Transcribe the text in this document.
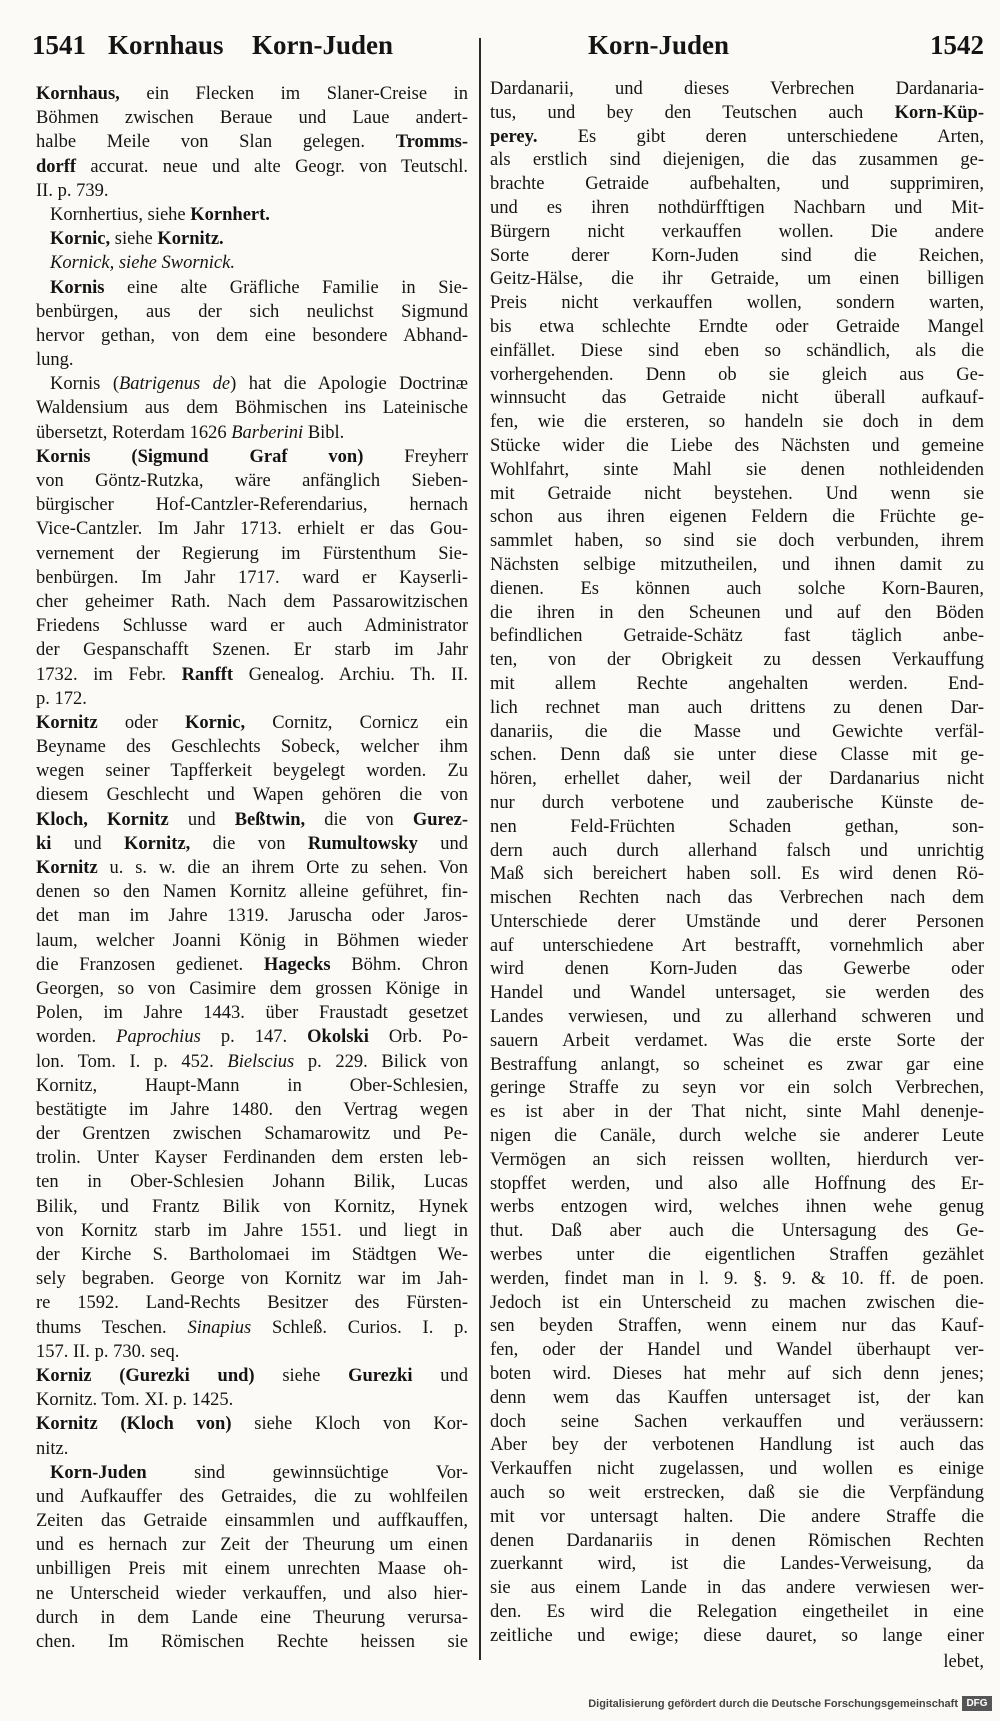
1541 Kornhaus Korn-Juden	Korn-Juden	1542
Kornhaus, ein Flecken im Slaner-Creise in
Böhmen zwischen Beraue und Laue andert-
halbe Meile von Slan gelegen. Tromms-
dorff accurat. neue und alte Geogr. von Teutschl.
II. p. 739.
Kornhertius, siehe Kornhert.
Kornic, siehe Kornitz.
Kornick, siehe Swornick.
Kornis eine alte Gräfliche Familie in Sie-
benbürgen, aus der sich neulichst Sigmund
hervor gethan, von dem eine besondere Abhand-
lung.
Kornis (Batrigenus de) hat die Apologie Doctrinæ
Waldensium aus dem Böhmischen ins Lateinische
übersetzt, Roterdam 1626 Barberini Bibl.
Kornis (Sigmund Graf von) Freyherr
von Göntz-Rutzka, wäre anfänglich Sieben-
bürgischer Hof-Cantzler-Referendarius, hernach
Vice-Cantzler. Im Jahr 1713. erhielt er das Gou-
vernement der Regierung im Fürstenthum Sie-
benbürgen. Im Jahr 1717. ward er Kayserli-
cher geheimer Rath. Nach dem Passarowitzischen
Friedens Schlusse ward er auch Administrator
der Gespanschafft Szenen. Er starb im Jahr
1732. im Febr. Ranfft Genealog. Archiu. Th. II.
p. 172.
Kornitz oder Kornic, Cornitz, Cornicz ein
Beyname des Geschlechts Sobeck, welcher ihm
wegen seiner Tapfferkeit beygelegt worden. Zu
diesem Geschlecht und Wapen gehören die von
Kloch, Kornitz und Beßtwin, die von Gurez-
ki und Kornitz, die von Rumultowsky und
Kornitz u. s. w. die an ihrem Orte zu sehen. Von
denen so den Namen Kornitz alleine geführet, fin-
det man im Jahre 1319. Jaruscha oder Jaros-
laum, welcher Joanni König in Böhmen wieder
die Franzosen gedienet. Hagecks Böhm. Chron
Georgen, so von Casimire dem grossen Könige in
Polen, im Jahre 1443. über Fraustadt gesetzet
worden. Paprochius p. 147. Okolski Orb. Po-
lon. Tom. I. p. 452. Bielscius p. 229. Bilick von
Kornitz, Haupt-Mann in Ober-Schlesien,
bestätigte im Jahre 1480. den Vertrag wegen
der Grentzen zwischen Schamarowitz und Pe-
trolin. Unter Kayser Ferdinanden dem ersten leb-
ten in Ober-Schlesien Johann Bilik, Lucas
Bilik, und Frantz Bilik von Kornitz, Hynek
von Kornitz starb im Jahre 1551. und liegt in
der Kirche S. Bartholomaei im Städtgen We-
sely begraben. George von Kornitz war im Jah-
re 1592. Land-Rechts Besitzer des Fürsten-
thums Teschen. Sinapius Schleß. Curios. I. p.
157. II. p. 730. seq.
Korniz (Gurezki und) siehe Gurezki und
Kornitz. Tom. XI. p. 1425.
Kornitz (Kloch von) siehe Kloch von Kor-
nitz.
Korn-Juden sind gewinnsüchtige Vor-
und Aufkauffer des Getraides, die zu wohlfeilen
Zeiten das Getraide einsammlen und auffkauffen,
und es hernach zur Zeit der Theurung um einen
unbilligen Preis mit einem unrechten Maase oh-
ne Unterscheid wieder verkauffen, und also hier-
durch in dem Lande eine Theurung verursa-
chen. Im Römischen Rechte heissen sie
Dardanarii, und dieses Verbrechen Dardanaria-
tus, und bey den Teutschen auch Korn-Küp-
perey. Es gibt deren unterschiedene Arten,
als erstlich sind diejenigen, die das zusammen ge-
brachte Getraide aufbehalten, und supprimiren,
und es ihren nothdürfftigen Nachbarn und Mit-
Bürgern nicht verkauffen wollen. Die andere
Sorte derer Korn-Juden sind die Reichen,
Geitz-Hälse, die ihr Getraide, um einen billigen
Preis nicht verkauffen wollen, sondern warten,
bis etwa schlechte Erndte oder Getraide Mangel
einfället. Diese sind eben so schändlich, als die
vorhergehenden. Denn ob sie gleich aus Ge-
winnsucht das Getraide nicht überall aufkauf-
fen, wie die ersteren, so handeln sie doch in dem
Stücke wider die Liebe des Nächsten und gemeine
Wohlfahrt, sinte Mahl sie denen nothleidenden
mit Getraide nicht beystehen. Und wenn sie
schon aus ihren eigenen Feldern die Früchte ge-
sammlet haben, so sind sie doch verbunden, ihrem
Nächsten selbige mitzutheilen, und ihnen damit zu
dienen. Es können auch solche Korn-Bauren,
die ihren in den Scheunen und auf den Böden
befindlichen Getraide-Schätz fast täglich anbe-
ten, von der Obrigkeit zu dessen Verkauffung
mit allem Rechte angehalten werden. End-
lich rechnet man auch drittens zu denen Dar-
danariis, die die Masse und Gewichte verfäl-
schen. Denn daß sie unter diese Classe mit ge-
hören, erhellet daher, weil der Dardanarius nicht
nur durch verbotene und zauberische Künste de-
nen Feld-Früchten Schaden gethan, son-
dern auch durch allerhand falsch und unrichtig
Maß sich bereichert haben soll. Es wird denen Rö-
mischen Rechten nach das Verbrechen nach dem
Unterschiede derer Umstände und derer Personen
auf unterschiedene Art bestrafft, vornehmlich aber
wird denen Korn-Juden das Gewerbe oder
Handel und Wandel untersaget, sie werden des
Landes verwiesen, und zu allerhand schweren und
sauern Arbeit verdamet. Was die erste Sorte der
Bestraffung anlangt, so scheinet es zwar gar eine
geringe Straffe zu seyn vor ein solch Verbrechen,
es ist aber in der That nicht, sinte Mahl denenje-
nigen die Canäle, durch welche sie anderer Leute
Vermögen an sich reissen wollten, hierdurch ver-
stopffet werden, und also alle Hoffnung des Er-
werbs entzogen wird, welches ihnen wehe genug
thut. Daß aber auch die Untersagung des Ge-
werbes unter die eigentlichen Straffen gezählet
werden, findet man in l. 9. §. 9. & 10. ff. de poen.
Jedoch ist ein Unterscheid zu machen zwischen die-
sen beyden Straffen, wenn einem nur das Kauf-
fen, oder der Handel und Wandel überhaupt ver-
boten wird. Dieses hat mehr auf sich denn jenes;
denn wem das Kauffen untersaget ist, der kan
doch seine Sachen verkauffen und veräussern:
Aber bey der verbotenen Handlung ist auch das
Verkauffen nicht zugelassen, und wollen es einige
auch so weit erstrecken, daß sie die Verpfändung
mit vor untersagt halten. Die andere Straffe die
denen Dardanariis in denen Römischen Rechten
zuerkannt wird, ist die Landes-Verweisung, da
sie aus einem Lande in das andere verwiesen wer-
den. Es wird die Relegation eingetheilet in eine
zeitliche und ewige; diese dauret, so lange einer
lebet,
Digitalisierung gefördert durch die Deutsche Forschungsgemeinschaft DFG
